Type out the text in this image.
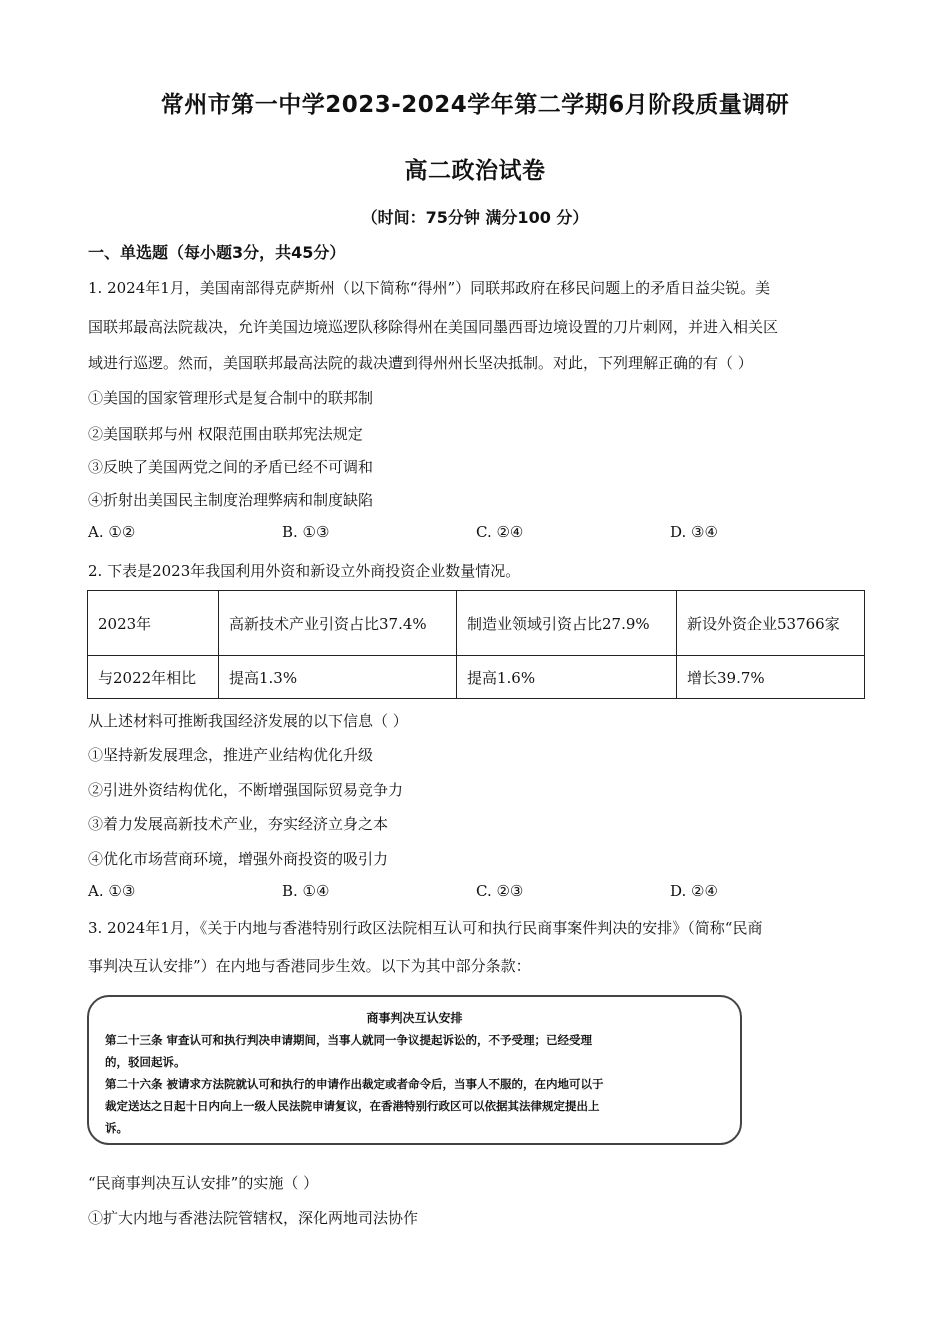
常州市第一中学2023-2024学年第二学期6月阶段质量调研
高二政治试卷
（时间：75分钟 满分100 分）
一、单选题（每小题3分，共45分）
1. 2024年1月，美国南部得克萨斯州（以下简称“得州”）同联邦政府在移民问题上的矛盾日益尖锐。美
国联邦最高法院裁决，允许美国边境巡逻队移除得州在美国同墨西哥边境设置的刀片刺网，并进入相关区
域进行巡逻。然而，美国联邦最高法院的裁决遭到得州州长坚决抵制。对此，下列理解正确的有（ ）
①美国的国家管理形式是复合制中的联邦制
②美国联邦与州 权限范围由联邦宪法规定
③反映了美国两党之间的矛盾已经不可调和
④折射出美国民主制度治理弊病和制度缺陷
A. ①②	B. ①③	C. ②④	D. ③④
2. 下表是2023年我国利用外资和新设立外商投资企业数量情况。
2023年	高新技术产业引资占比37.4%	制造业领域引资占比27.9%	新设外资企业53766家
与2022年相比	提高1.3%	提高1.6%	增长39.7%
从上述材料可推断我国经济发展的以下信息（ ）
①坚持新发展理念，推进产业结构优化升级
②引进外资结构优化，不断增强国际贸易竞争力
③着力发展高新技术产业，夯实经济立身之本
④优化市场营商环境，增强外商投资的吸引力
A. ①③	B. ①④	C. ②③	D. ②④
3. 2024年1月，《关于内地与香港特别行政区法院相互认可和执行民商事案件判决的安排》（简称“民商
事判决互认安排”）在内地与香港同步生效。以下为其中部分条款：
商事判决互认安排
第二十三条 审查认可和执行判决申请期间，当事人就同一争议提起诉讼的，不予受理；已经受理
的，驳回起诉。
第二十六条 被请求方法院就认可和执行的申请作出裁定或者命令后，当事人不服的，在内地可以于
裁定送达之日起十日内向上一级人民法院申请复议，在香港特别行政区可以依据其法律规定提出上
诉。
“民商事判决互认安排”的实施（ ）
①扩大内地与香港法院管辖权，深化两地司法协作
